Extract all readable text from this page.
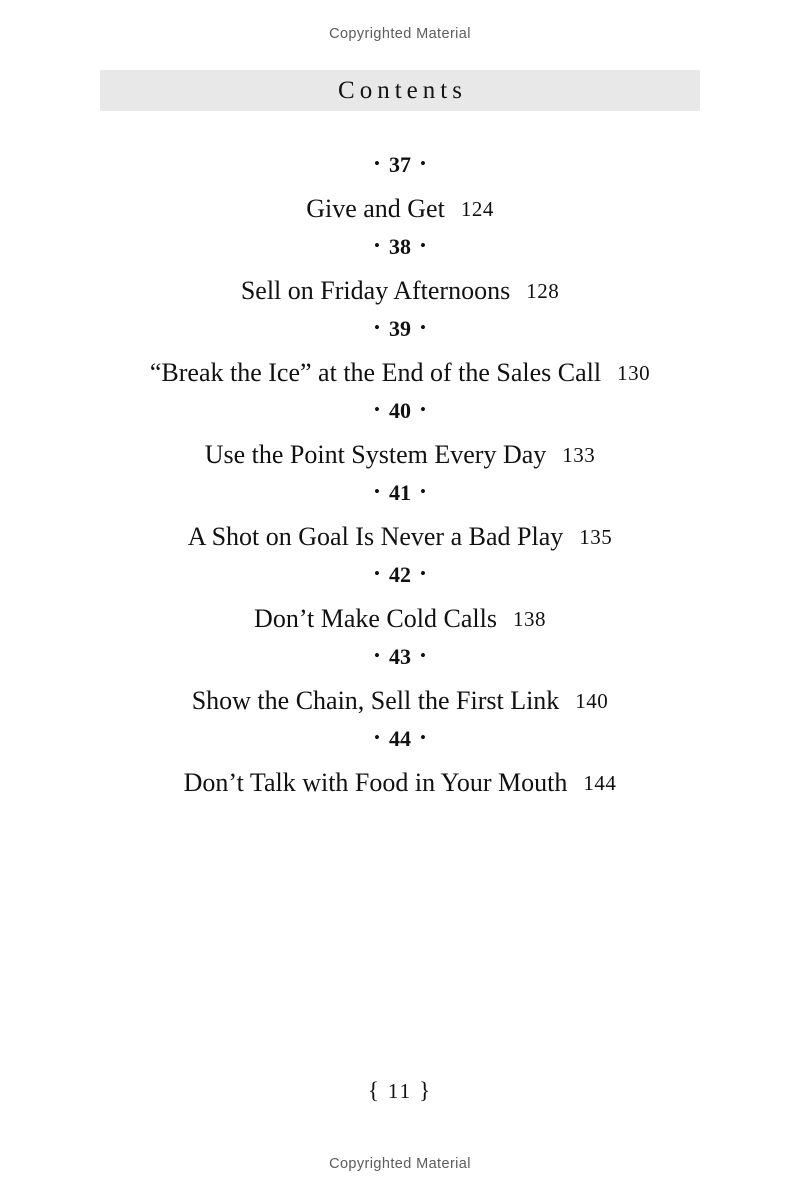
Copyrighted Material
Contents
• 37 •
Give and Get 124
• 38 •
Sell on Friday Afternoons 128
• 39 •
“Break the Ice” at the End of the Sales Call 130
• 40 •
Use the Point System Every Day 133
• 41 •
A Shot on Goal Is Never a Bad Play 135
• 42 •
Don’t Make Cold Calls 138
• 43 •
Show the Chain, Sell the First Link 140
• 44 •
Don’t Talk with Food in Your Mouth 144
{ 11 }
Copyrighted Material
